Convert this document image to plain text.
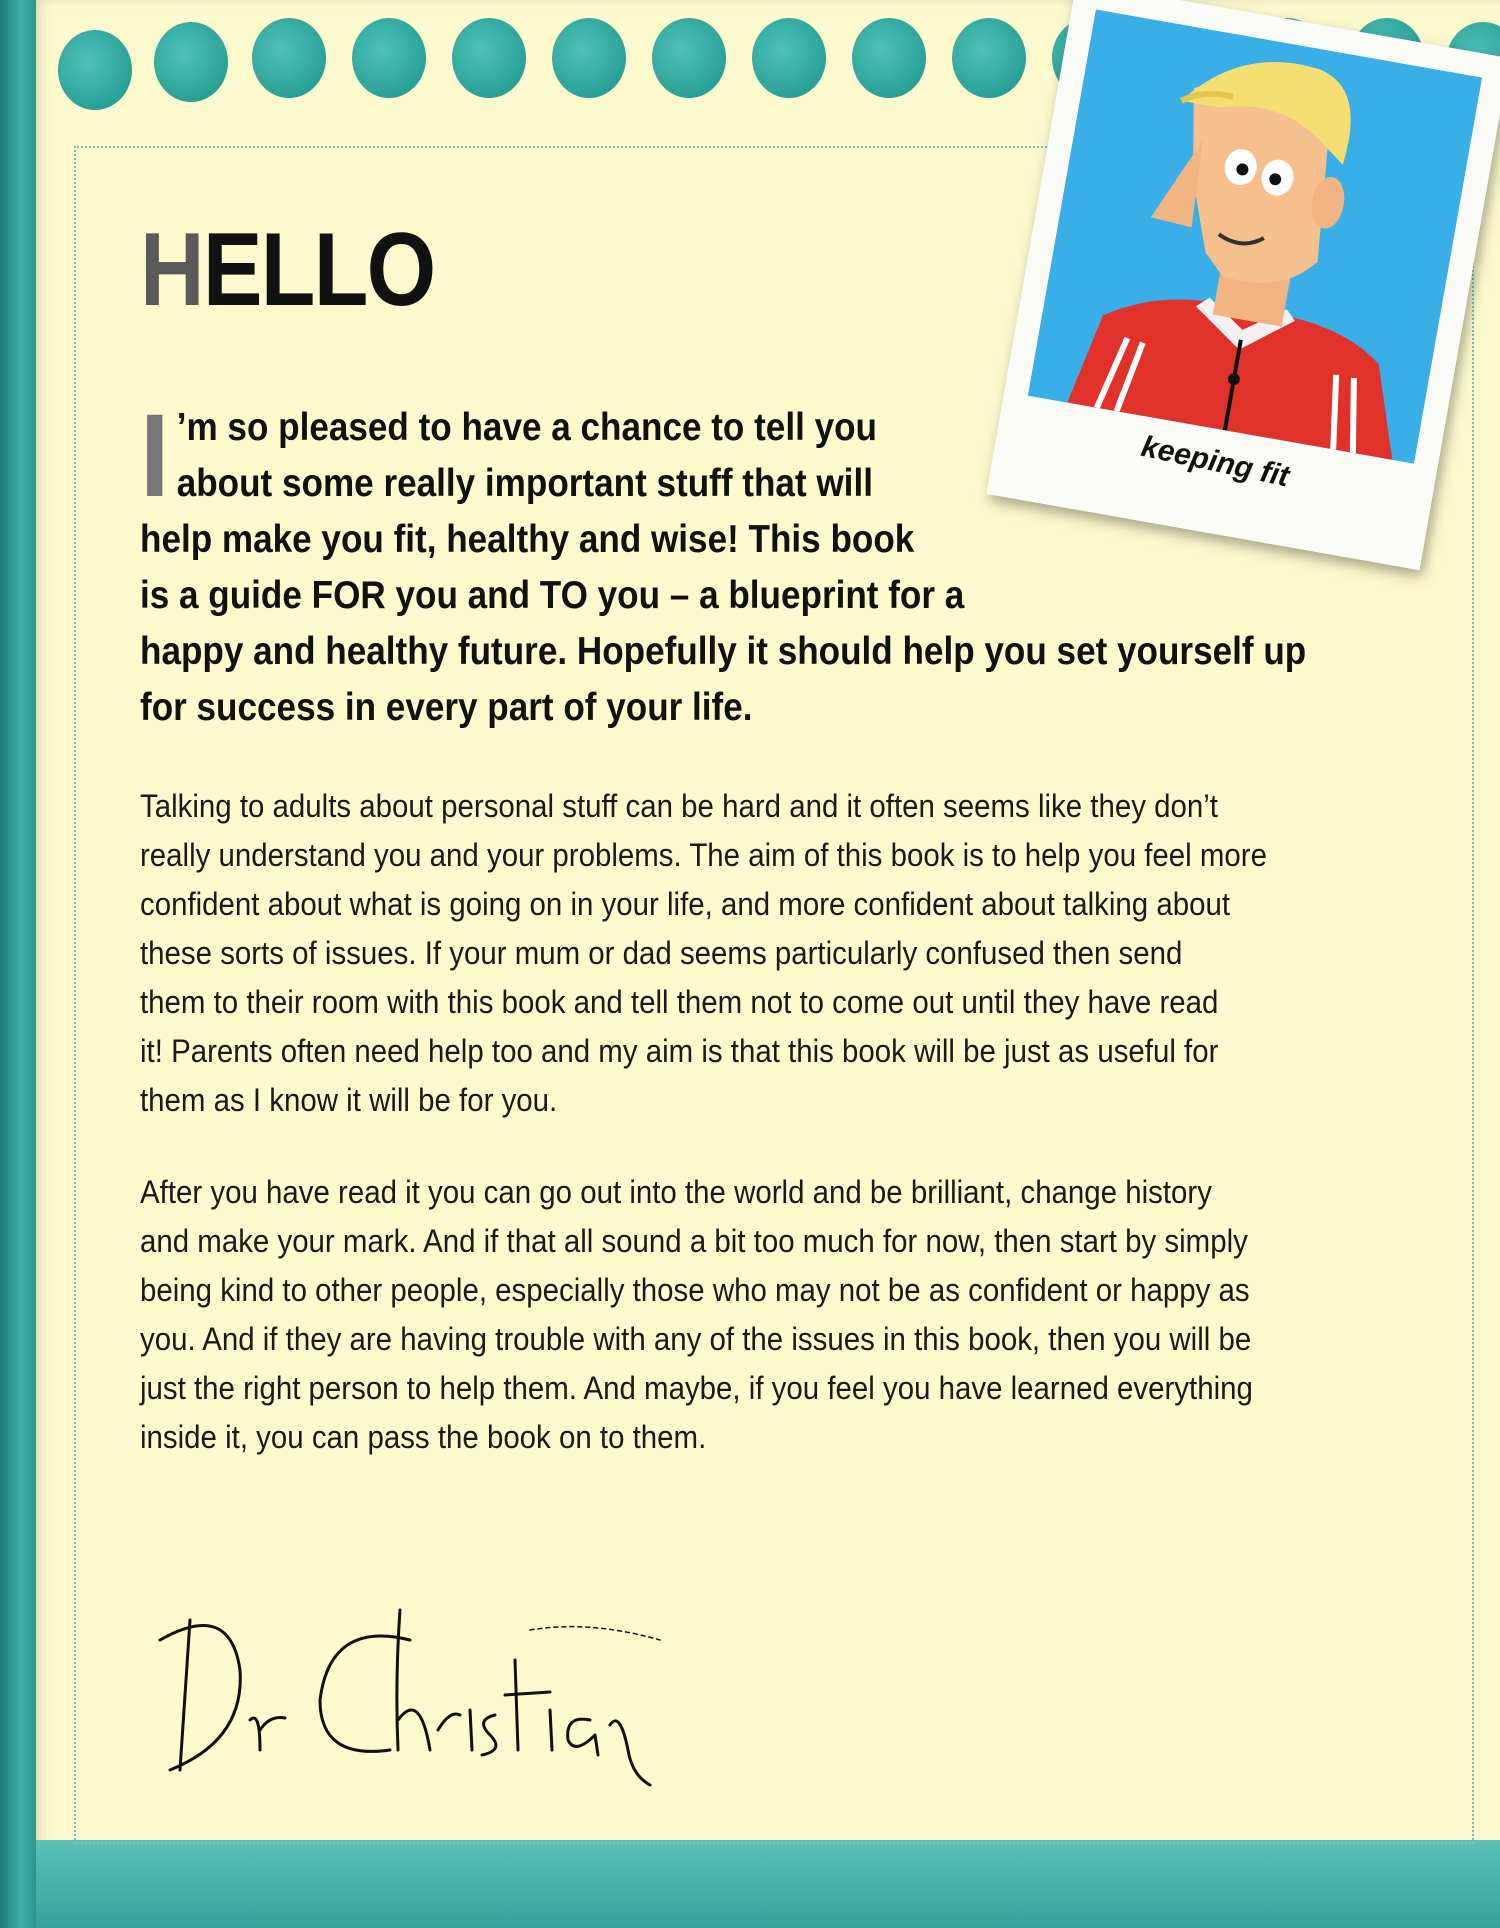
HELLO
I ’m so pleased to have a chance to tell you
about some really important stuff that will
help make you fit, healthy and wise! This book
is a guide FOR you and TO you – a blueprint for a
happy and healthy future. Hopefully it should help you set yourself up
for success in every part of your life.
Talking to adults about personal stuff can be hard and it often seems like they don’t
really understand you and your problems. The aim of this book is to help you feel more
confident about what is going on in your life, and more confident about talking about
these sorts of issues. If your mum or dad seems particularly confused then send
them to their room with this book and tell them not to come out until they have read
it! Parents often need help too and my aim is that this book will be just as useful for
them as I know it will be for you.
After you have read it you can go out into the world and be brilliant, change history
and make your mark. And if that all sound a bit too much for now, then start by simply
being kind to other people, especially those who may not be as confident or happy as
you. And if they are having trouble with any of the issues in this book, then you will be
just the right person to help them. And maybe, if you feel you have learned everything
inside it, you can pass the book on to them.
keeping fit
